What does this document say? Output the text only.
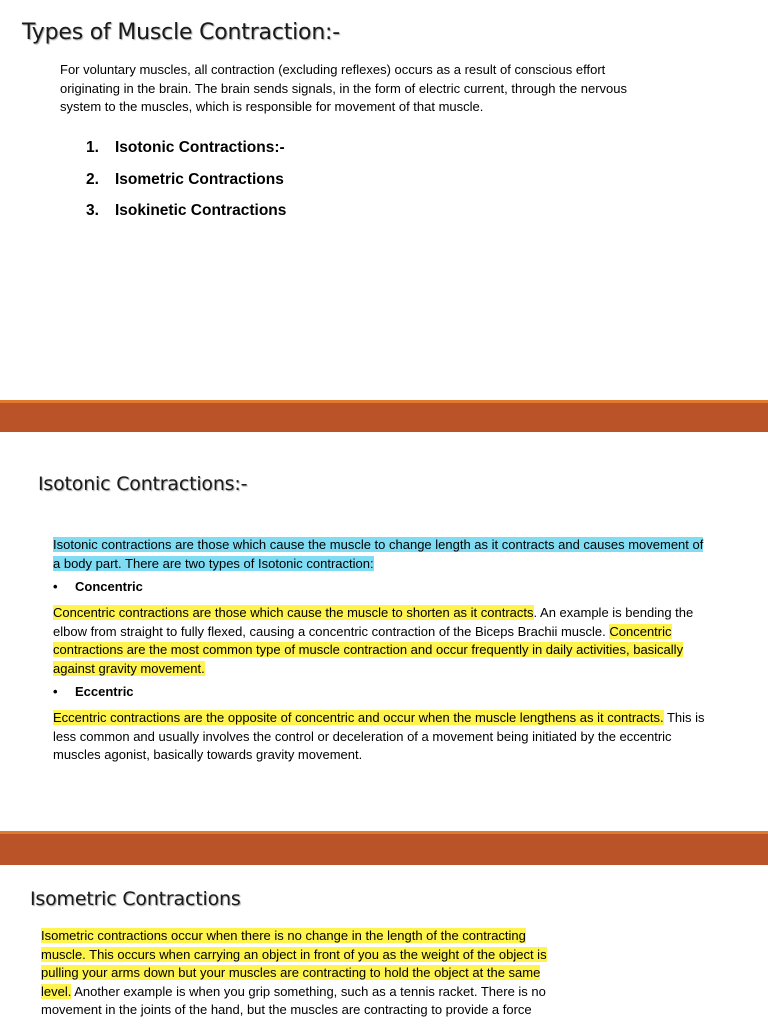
Types of Muscle Contraction:-

For voluntary muscles, all contraction (excluding reflexes) occurs as a result of conscious effort originating in the brain. The brain sends signals, in the form of electric current, through the nervous system to the muscles, which is responsible for movement of that muscle.

1.	Isotonic Contractions:-
2.	Isometric Contractions
3.	Isokinetic Contractions
Isotonic Contractions:-

Isotonic contractions are those which cause the muscle to change length as it contracts and causes movement of a body part. There are two types of Isotonic contraction:

•	Concentric

Concentric contractions are those which cause the muscle to shorten as it contracts. An example is bending the elbow from straight to fully flexed, causing a concentric contraction of the Biceps Brachii muscle. Concentric contractions are the most common type of muscle contraction and occur frequently in daily activities, basically against gravity movement.

•	Eccentric

Eccentric contractions are the opposite of concentric and occur when the muscle lengthens as it contracts. This is less common and usually involves the control or deceleration of a movement being initiated by the eccentric muscles agonist, basically towards gravity movement.

Isometric Contractions

Isometric contractions occur when there is no change in the length of the contracting muscle. This occurs when carrying an object in front of you as the weight of the object is pulling your arms down but your muscles are contracting to hold the object at the same level. Another example is when you grip something, such as a tennis racket. There is no movement in the joints of the hand, but the muscles are contracting to provide a force
